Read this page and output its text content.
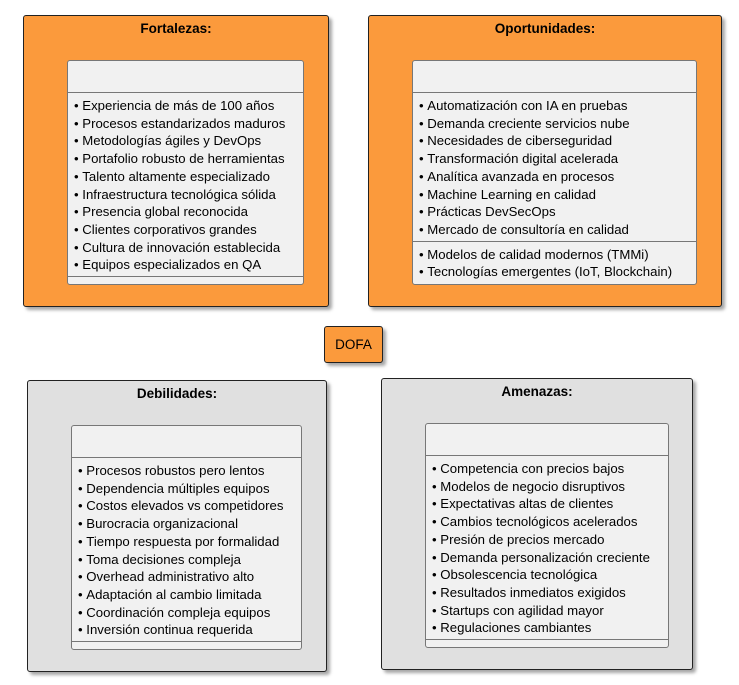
Fortalezas:
• Experiencia de más de 100 años
• Procesos estandarizados maduros
• Metodologías ágiles y DevOps
• Portafolio robusto de herramientas
• Talento altamente especializado
• Infraestructura tecnológica sólida
• Presencia global reconocida
• Clientes corporativos grandes
• Cultura de innovación establecida
• Equipos especializados en QA
Oportunidades:
• Automatización con IA en pruebas
• Demanda creciente servicios nube
• Necesidades de ciberseguridad
• Transformación digital acelerada
• Analítica avanzada en procesos
• Machine Learning en calidad
• Prácticas DevSecOps
• Mercado de consultoría en calidad
• Modelos de calidad modernos (TMMi)
• Tecnologías emergentes (IoT, Blockchain)
DOFA
Debilidades:
• Procesos robustos pero lentos
• Dependencia múltiples equipos
• Costos elevados vs competidores
• Burocracia organizacional
• Tiempo respuesta por formalidad
• Toma decisiones compleja
• Overhead administrativo alto
• Adaptación al cambio limitada
• Coordinación compleja equipos
• Inversión continua requerida
Amenazas:
• Competencia con precios bajos
• Modelos de negocio disruptivos
• Expectativas altas de clientes
• Cambios tecnológicos acelerados
• Presión de precios mercado
• Demanda personalización creciente
• Obsolescencia tecnológica
• Resultados inmediatos exigidos
• Startups con agilidad mayor
• Regulaciones cambiantes
